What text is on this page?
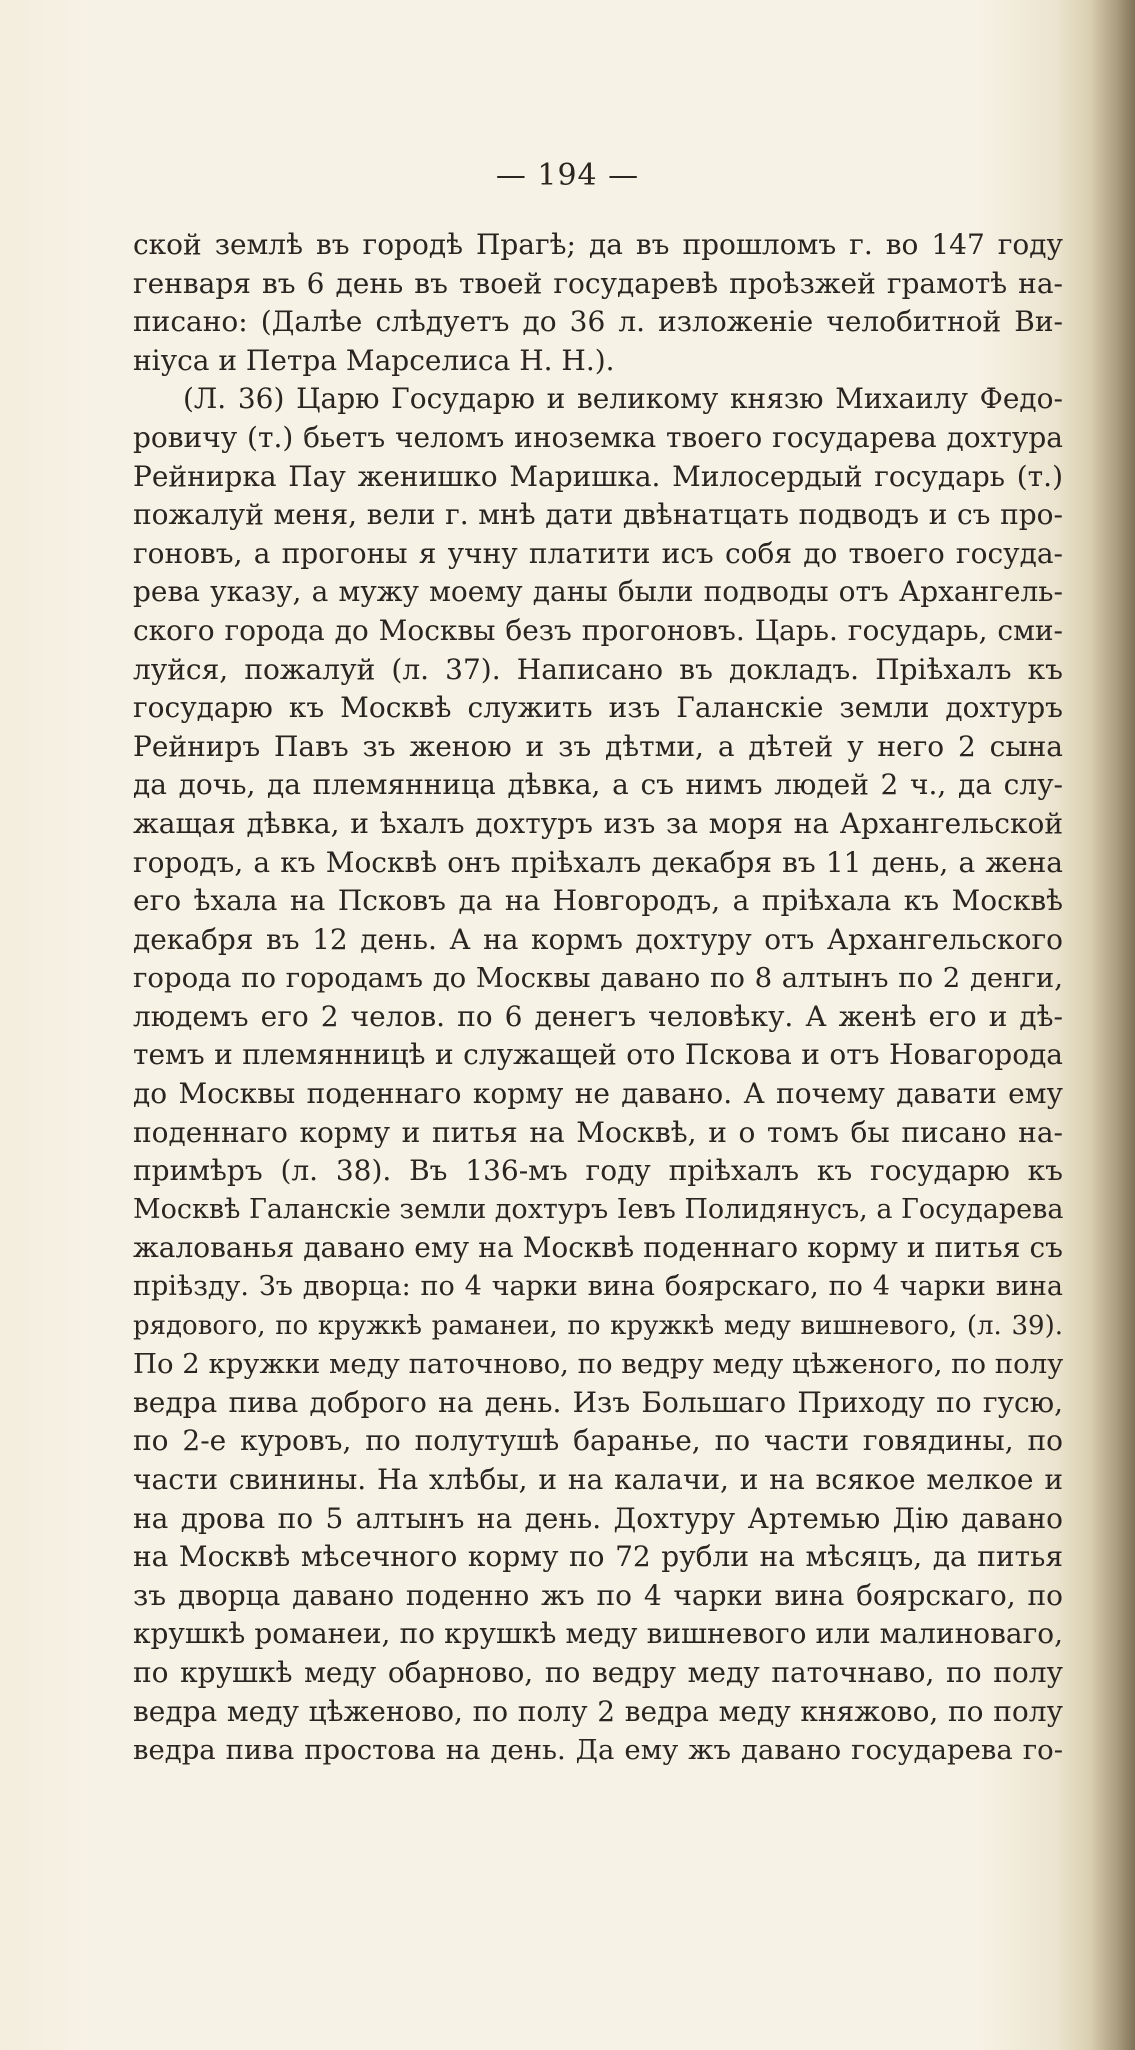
— 194 —
ской землѣ въ городѣ Прагѣ; да въ прошломъ г. во 147 году
генваря въ 6 день въ твоей государевѣ проѣзжей грамотѣ на-
писано: (Далѣе слѣдуетъ до 36 л. изложеніе челобитной Ви-
ніуса и Петра Марселиса Н. Н.).
(Л. 36) Царю Государю и великому князю Михаилу Федо-
ровичу (т.) бьетъ челомъ иноземка твоего государева дохтура
Рейнирка Пау женишко Маришка. Милосердый государь (т.)
пожалуй меня, вели г. мнѣ дати двѣнатцать подводъ и съ про-
гоновъ, а прогоны я учну платити исъ собя до твоего госуда-
рева указу, а мужу моему даны были подводы отъ Архангель-
ского города до Москвы безъ прогоновъ. Царь. государь, сми-
луйся, пожалуй (л. 37). Написано въ докладъ. Пріѣхалъ къ
государю къ Москвѣ служить изъ Галанскіе земли дохтуръ
Рейниръ Павъ зъ женою и зъ дѣтми, а дѣтей у него 2 сына
да дочь, да племянница дѣвка, а съ нимъ людей 2 ч., да слу-
жащая дѣвка, и ѣхалъ дохтуръ изъ за моря на Архангельской
городъ, а къ Москвѣ онъ пріѣхалъ декабря въ 11 день, а жена
его ѣхала на Псковъ да на Новгородъ, а пріѣхала къ Москвѣ
декабря въ 12 день. А на кормъ дохтуру отъ Архангельского
города по городамъ до Москвы давано по 8 алтынъ по 2 денги,
людемъ его 2 челов. по 6 денегъ человѣку. А женѣ его и дѣ-
темъ и племянницѣ и служащей ото Пскова и отъ Новагорода
до Москвы поденнаго корму не давано. А почему давати ему
поденнаго корму и питья на Москвѣ, и о томъ бы писано на-
примѣръ (л. 38). Въ 136-мъ году пріѣхалъ къ государю къ
Москвѣ Галанскіе земли дохтуръ Іевъ Полидянусъ, а Государева
жалованья давано ему на Москвѣ поденнаго корму и питья съ
пріѣзду. Зъ дворца: по 4 чарки вина боярскаго, по 4 чарки вина
рядового, по кружкѣ раманеи, по кружкѣ меду вишневого, (л. 39).
По 2 кружки меду паточново, по ведру меду цѣженого, по полу
ведра пива доброго на день. Изъ Большаго Приходу по гусю,
по 2-е куровъ, по полутушѣ баранье, по части говядины, по
части свинины. На хлѣбы, и на калачи, и на всякое мелкое и
на дрова по 5 алтынъ на день. Дохтуру Артемью Дію давано
на Москвѣ мѣсечного корму по 72 рубли на мѣсяцъ, да питья
зъ дворца давано поденно жъ по 4 чарки вина боярскаго, по
крушкѣ романеи, по крушкѣ меду вишневого или малиноваго,
по крушкѣ меду обарново, по ведру меду паточнаво, по полу
ведра меду цѣженово, по полу 2 ведра меду княжово, по полу
ведра пива простова на день. Да ему жъ давано государева го-
